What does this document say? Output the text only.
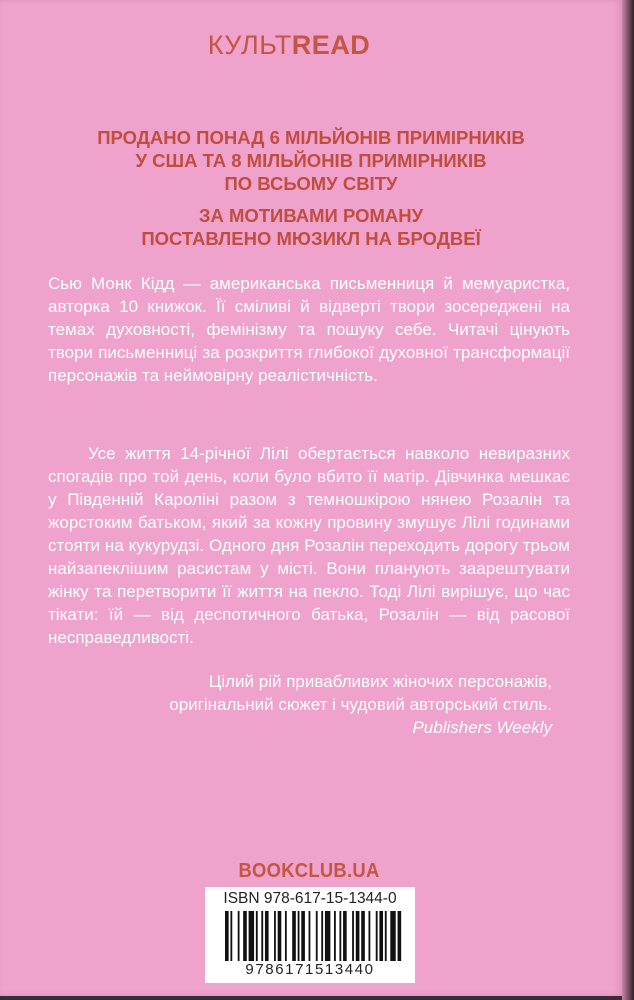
КУЛЬТREAD
ПРОДАНО ПОНАД 6 МІЛЬЙОНІВ ПРИМІРНИКІВ
У США ТА 8 МІЛЬЙОНІВ ПРИМІРНИКІВ
ПО ВСЬОМУ СВІТУ
ЗА МОТИВАМИ РОМАНУ
ПОСТАВЛЕНО МЮЗИКЛ НА БРОДВЕЇ
Сью Монк Кідд — американська письменниця й мемуаристка, авторка 10 книжок. Її сміливі й відверті твори зосереджені на темах духовності, фемінізму та пошуку себе. Читачі цінують твори письменниці за розкриття глибокої духовної трансформації персонажів та неймовірну реалістичність.
Усе життя 14-річної Лілі обертається навколо невиразних спогадів про той день, коли було вбито її матір. Дівчинка мешкає у Південній Кароліні разом з темношкірою нянею Розалін та жорстоким батьком, який за кожну провину змушує Лілі годинами стояти на кукурудзі. Одного дня Розалін переходить дорогу трьом найзапеклішим расистам у місті. Вони планують заарештувати жінку та перетворити її життя на пекло. Тоді Лілі вирішує, що час тікати: їй — від деспотичного батька, Розалін — від расової несправедливості.
Цілий рій привабливих жіночих персонажів,
оригінальний сюжет і чудовий авторський стиль.
Publishers Weekly
BOOKCLUB.UA
ISBN 978-617-15-1344-0
9786171513440
